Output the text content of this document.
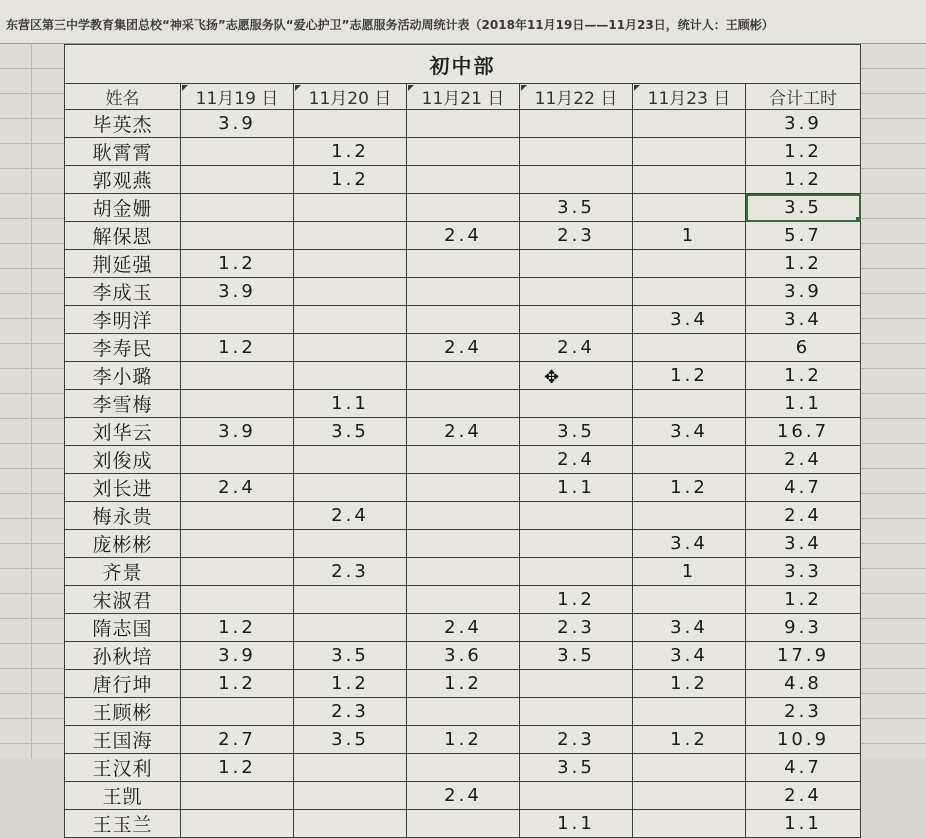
东营区第三中学教育集团总校“神采飞扬”志愿服务队“爱心护卫”志愿服务活动周统计表（2018年11月19日——11月23日，统计人：王顾彬）
初中部						
姓名	11月19 日	11月20 日	11月21 日	11月22 日	11月23 日	合计工时
毕英杰	3.9					3.9
耿霄霄		1.2				1.2
郭观燕		1.2				1.2
胡金姗				3.5		3.5
解保恩			2.4	2.3	1	5.7
荆延强	1.2					1.2
李成玉	3.9					3.9
李明洋					3.4	3.4
李寿民	1.2		2.4	2.4		6
李小璐					1.2	1.2
李雪梅		1.1				1.1
刘华云	3.9	3.5	2.4	3.5	3.4	16.7
刘俊成				2.4		2.4
刘长进	2.4			1.1	1.2	4.7
梅永贵		2.4				2.4
庞彬彬					3.4	3.4
齐景		2.3			1	3.3
宋淑君				1.2		1.2
隋志国	1.2		2.4	2.3	3.4	9.3
孙秋培	3.9	3.5	3.6	3.5	3.4	17.9
唐行坤	1.2	1.2	1.2		1.2	4.8
王顾彬		2.3				2.3
王国海	2.7	3.5	1.2	2.3	1.2	10.9
王汉利	1.2			3.5		4.7
王凯			2.4			2.4
王玉兰				1.1		1.1
✥
